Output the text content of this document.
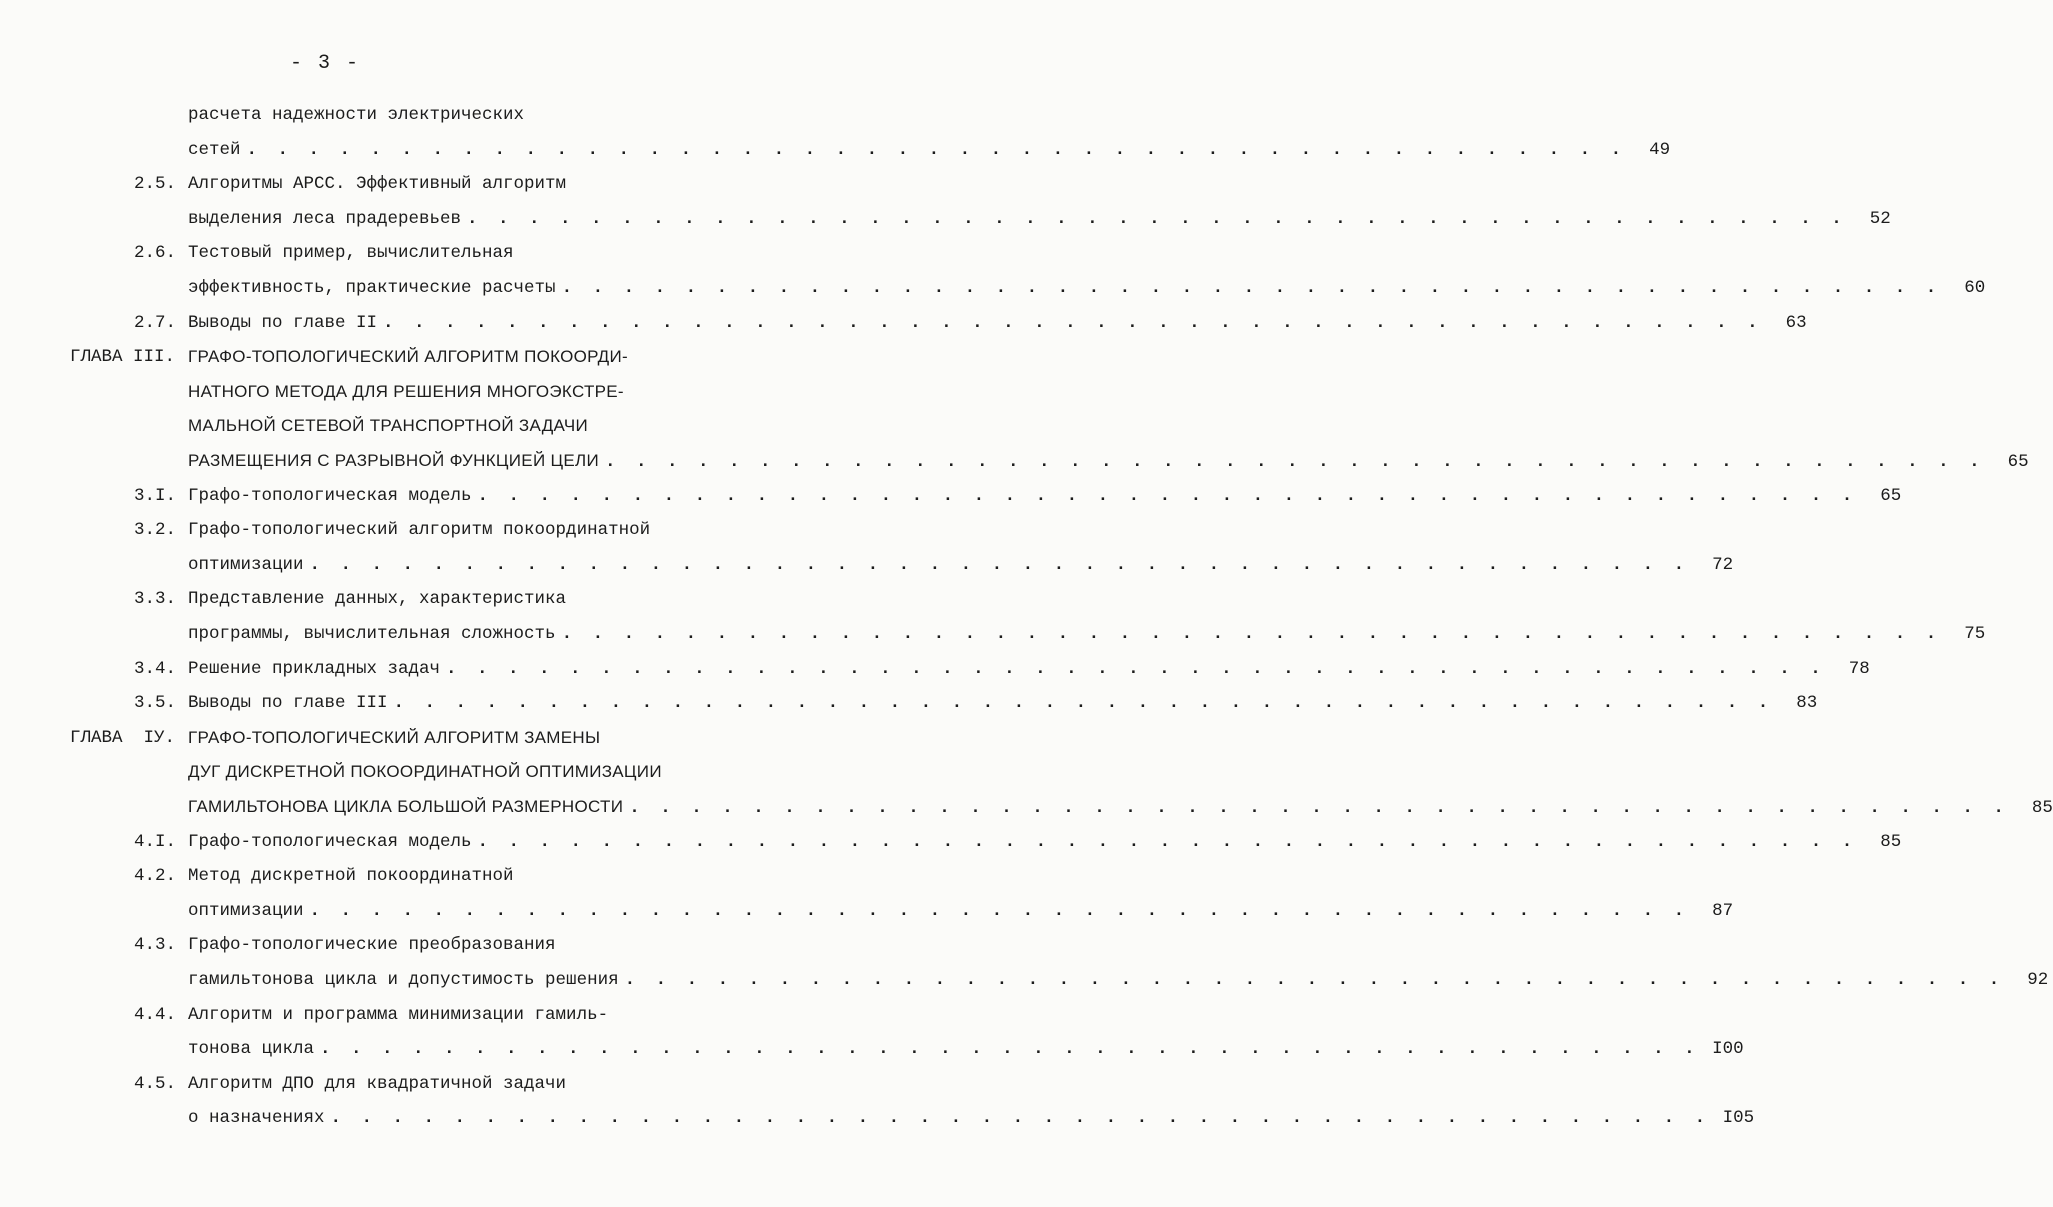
- 3 -
расчета надежности электрических
сетей . . . . . . . . . . . . . . . . . . . . . . . . . . . . . . . . . . . . . . . . . . . . .	49
2.5. Алгоритмы АРСС. Эффективный алгоритм
выделения леса прадеревьев . . . . . . . . . . . . . . . . . . . . . . . . . . . . . . . . . . . . . . . . . . . . .	52
2.6. Тестовый пример, вычислительная
эффективность, практические расчеты . . . . . . . . . . . . . . . . . . . . . . . . . . . . . . . . . . . . . . . . . . . . .	60
2.7. Выводы по главе II . . . . . . . . . . . . . . . . . . . . . . . . . . . . . . . . . . . . . . . . . . . . .	63
ГЛАВА III. ГРАФО-ТОПОЛОГИЧЕСКИЙ АЛГОРИТМ ПОКООРДИ-
НАТНОГО МЕТОДА ДЛЯ РЕШЕНИЯ МНОГОЭКСТРЕ-
МАЛЬНОЙ СЕТЕВОЙ ТРАНСПОРТНОЙ ЗАДАЧИ
РАЗМЕЩЕНИЯ С РАЗРЫВНОЙ ФУНКЦИЕЙ ЦЕЛИ . . . . . . . . . . . . . . . . . . . . . . . . . . . . . . . . . . . . . . . . . . . . .	65
3.I. Графо-топологическая модель . . . . . . . . . . . . . . . . . . . . . . . . . . . . . . . . . . . . . . . . . . . . .	65
3.2. Графо-топологический алгоритм покоординатной
оптимизации . . . . . . . . . . . . . . . . . . . . . . . . . . . . . . . . . . . . . . . . . . . . .	72
3.3. Представление данных, характеристика
программы, вычислительная сложность . . . . . . . . . . . . . . . . . . . . . . . . . . . . . . . . . . . . . . . . . . . . .	75
3.4. Решение прикладных задач . . . . . . . . . . . . . . . . . . . . . . . . . . . . . . . . . . . . . . . . . . . . .	78
3.5. Выводы по главе III . . . . . . . . . . . . . . . . . . . . . . . . . . . . . . . . . . . . . . . . . . . . .	83
ГЛАВА  IУ. ГРАФО-ТОПОЛОГИЧЕСКИЙ АЛГОРИТМ ЗАМЕНЫ
ДУГ ДИСКРЕТНОЙ ПОКООРДИНАТНОЙ ОПТИМИЗАЦИИ
ГАМИЛЬТОНОВА ЦИКЛА БОЛЬШОЙ РАЗМЕРНОСТИ . . . . . . . . . . . . . . . . . . . . . . . . . . . . . . . . . . . . . . . . . . . . .	85
4.I. Графо-топологическая модель . . . . . . . . . . . . . . . . . . . . . . . . . . . . . . . . . . . . . . . . . . . . .	85
4.2. Метод дискретной покоординатной
оптимизации . . . . . . . . . . . . . . . . . . . . . . . . . . . . . . . . . . . . . . . . . . . . .	87
4.3. Графо-топологические преобразования
гамильтонова цикла и допустимость решения . . . . . . . . . . . . . . . . . . . . . . . . . . . . . . . . . . . . . . . . . . . . .	92
4.4. Алгоритм и программа минимизации гамиль-
тонова цикла . . . . . . . . . . . . . . . . . . . . . . . . . . . . . . . . . . . . . . . . . . . . . I00
4.5. Алгоритм ДПО для квадратичной задачи
о назначениях . . . . . . . . . . . . . . . . . . . . . . . . . . . . . . . . . . . . . . . . . . . . . I05
